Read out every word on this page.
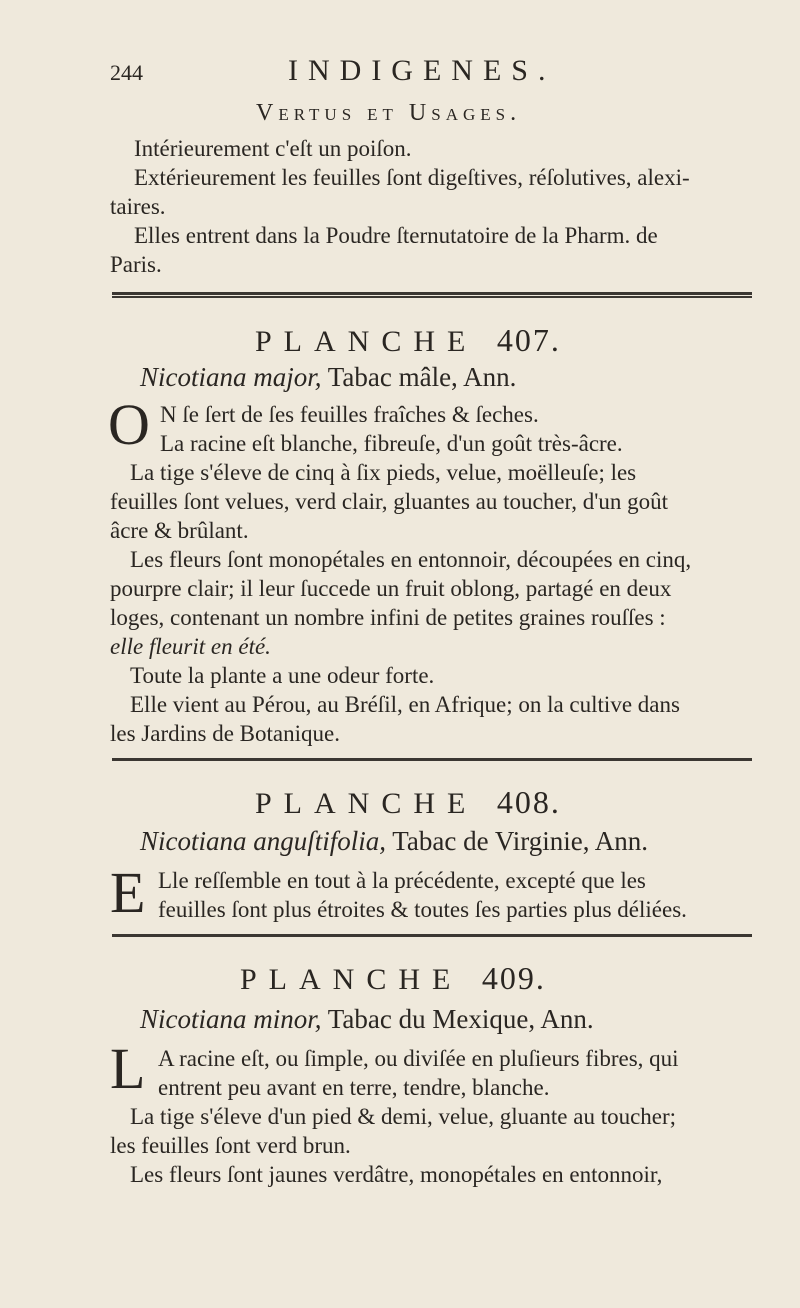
244	INDIGENES.
Vertus et Usages.
Intérieurement c'eſt un poiſon.
Extérieurement les feuilles ſont digeſtives, réſolutives, alexi-
taires.
Elles entrent dans la Poudre ſternutatoire de la Pharm. de
Paris.
PLANCHE 407.
Nicotiana major, Tabac mâle, Ann.
O N ſe ſert de ſes feuilles fraîches & ſeches.
La racine eſt blanche, fibreuſe, d'un goût très-âcre.
La tige s'éleve de cinq à ſix pieds, velue, moëlleuſe; les
feuilles ſont velues, verd clair, gluantes au toucher, d'un goût
âcre & brûlant.
Les fleurs ſont monopétales en entonnoir, découpées en cinq,
pourpre clair; il leur ſuccede un fruit oblong, partagé en deux
loges, contenant un nombre infini de petites graines rouſſes :
elle fleurit en été.
Toute la plante a une odeur forte.
Elle vient au Pérou, au Bréſil, en Afrique; on la cultive dans
les Jardins de Botanique.
PLANCHE 408.
Nicotiana anguſtifolia, Tabac de Virginie, Ann.
E Lle reſſemble en tout à la précédente, excepté que les
feuilles ſont plus étroites & toutes ſes parties plus déliées.
PLANCHE 409.
Nicotiana minor, Tabac du Mexique, Ann.
L A racine eſt, ou ſimple, ou diviſée en pluſieurs fibres, qui
entrent peu avant en terre, tendre, blanche.
La tige s'éleve d'un pied & demi, velue, gluante au toucher;
les feuilles ſont verd brun.
Les fleurs ſont jaunes verdâtre, monopétales en entonnoir,
